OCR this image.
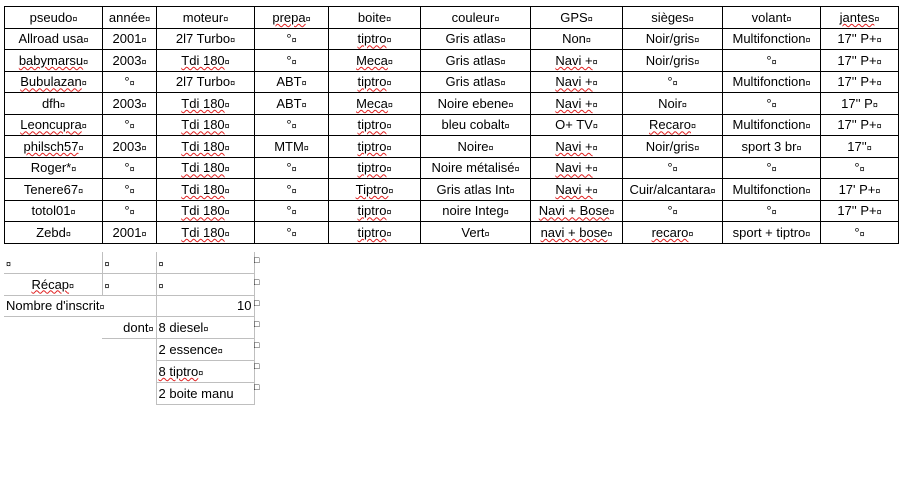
pseudo¤	année¤	moteur¤	prepa¤	boite¤	couleur¤	GPS¤	sièges¤	volant¤	jantes¤
Allroad usa¤	2001¤	2l7 Turbo¤	°¤	tiptro¤	Gris atlas¤	Non¤	Noir/gris¤	Multifonction¤	17'' P+¤
babymarsu¤	2003¤	Tdi 180¤	°¤	Meca¤	Gris atlas¤	Navi +¤	Noir/gris¤	°¤	17'' P+¤
Bubulazan¤	°¤	2l7 Turbo¤	ABT¤	tiptro¤	Gris atlas¤	Navi +¤	°¤	Multifonction¤	17'' P+¤
dfh¤	2003¤	Tdi 180¤	ABT¤	Meca¤	Noire ebene¤	Navi +¤	Noir¤	°¤	17'' P¤
Leoncupra¤	°¤	Tdi 180¤	°¤	tiptro¤	bleu cobalt¤	O+ TV¤	Recaro¤	Multifonction¤	17'' P+¤
philsch57¤	2003¤	Tdi 180¤	MTM¤	tiptro¤	Noire¤	Navi +¤	Noir/gris¤	sport 3 br¤	17''¤
Roger*¤	°¤	Tdi 180¤	°¤	tiptro¤	Noire métalisé¤	Navi +¤	°¤	°¤	°¤
Tenere67¤	°¤	Tdi 180¤	°¤	Tiptro¤	Gris atlas Int¤	Navi +¤	Cuir/alcantara¤	Multifonction¤	17' P+¤
totol01¤	°¤	Tdi 180¤	°¤	tiptro¤	noire Integ¤	Navi + Bose¤	°¤	°¤	17'' P+¤
Zebd¤	2001¤	Tdi 180¤	°¤	tiptro¤	Vert¤	navi + bose¤	recaro¤	sport + tiptro¤	°¤
¤	¤	¤
Récap¤	¤	¤
Nombre d'inscrit¤		10
	dont¤	8 diesel¤
		2 essence¤
		8 tiptro¤
		2 boite manu
□
□
□
□
□
□
□
